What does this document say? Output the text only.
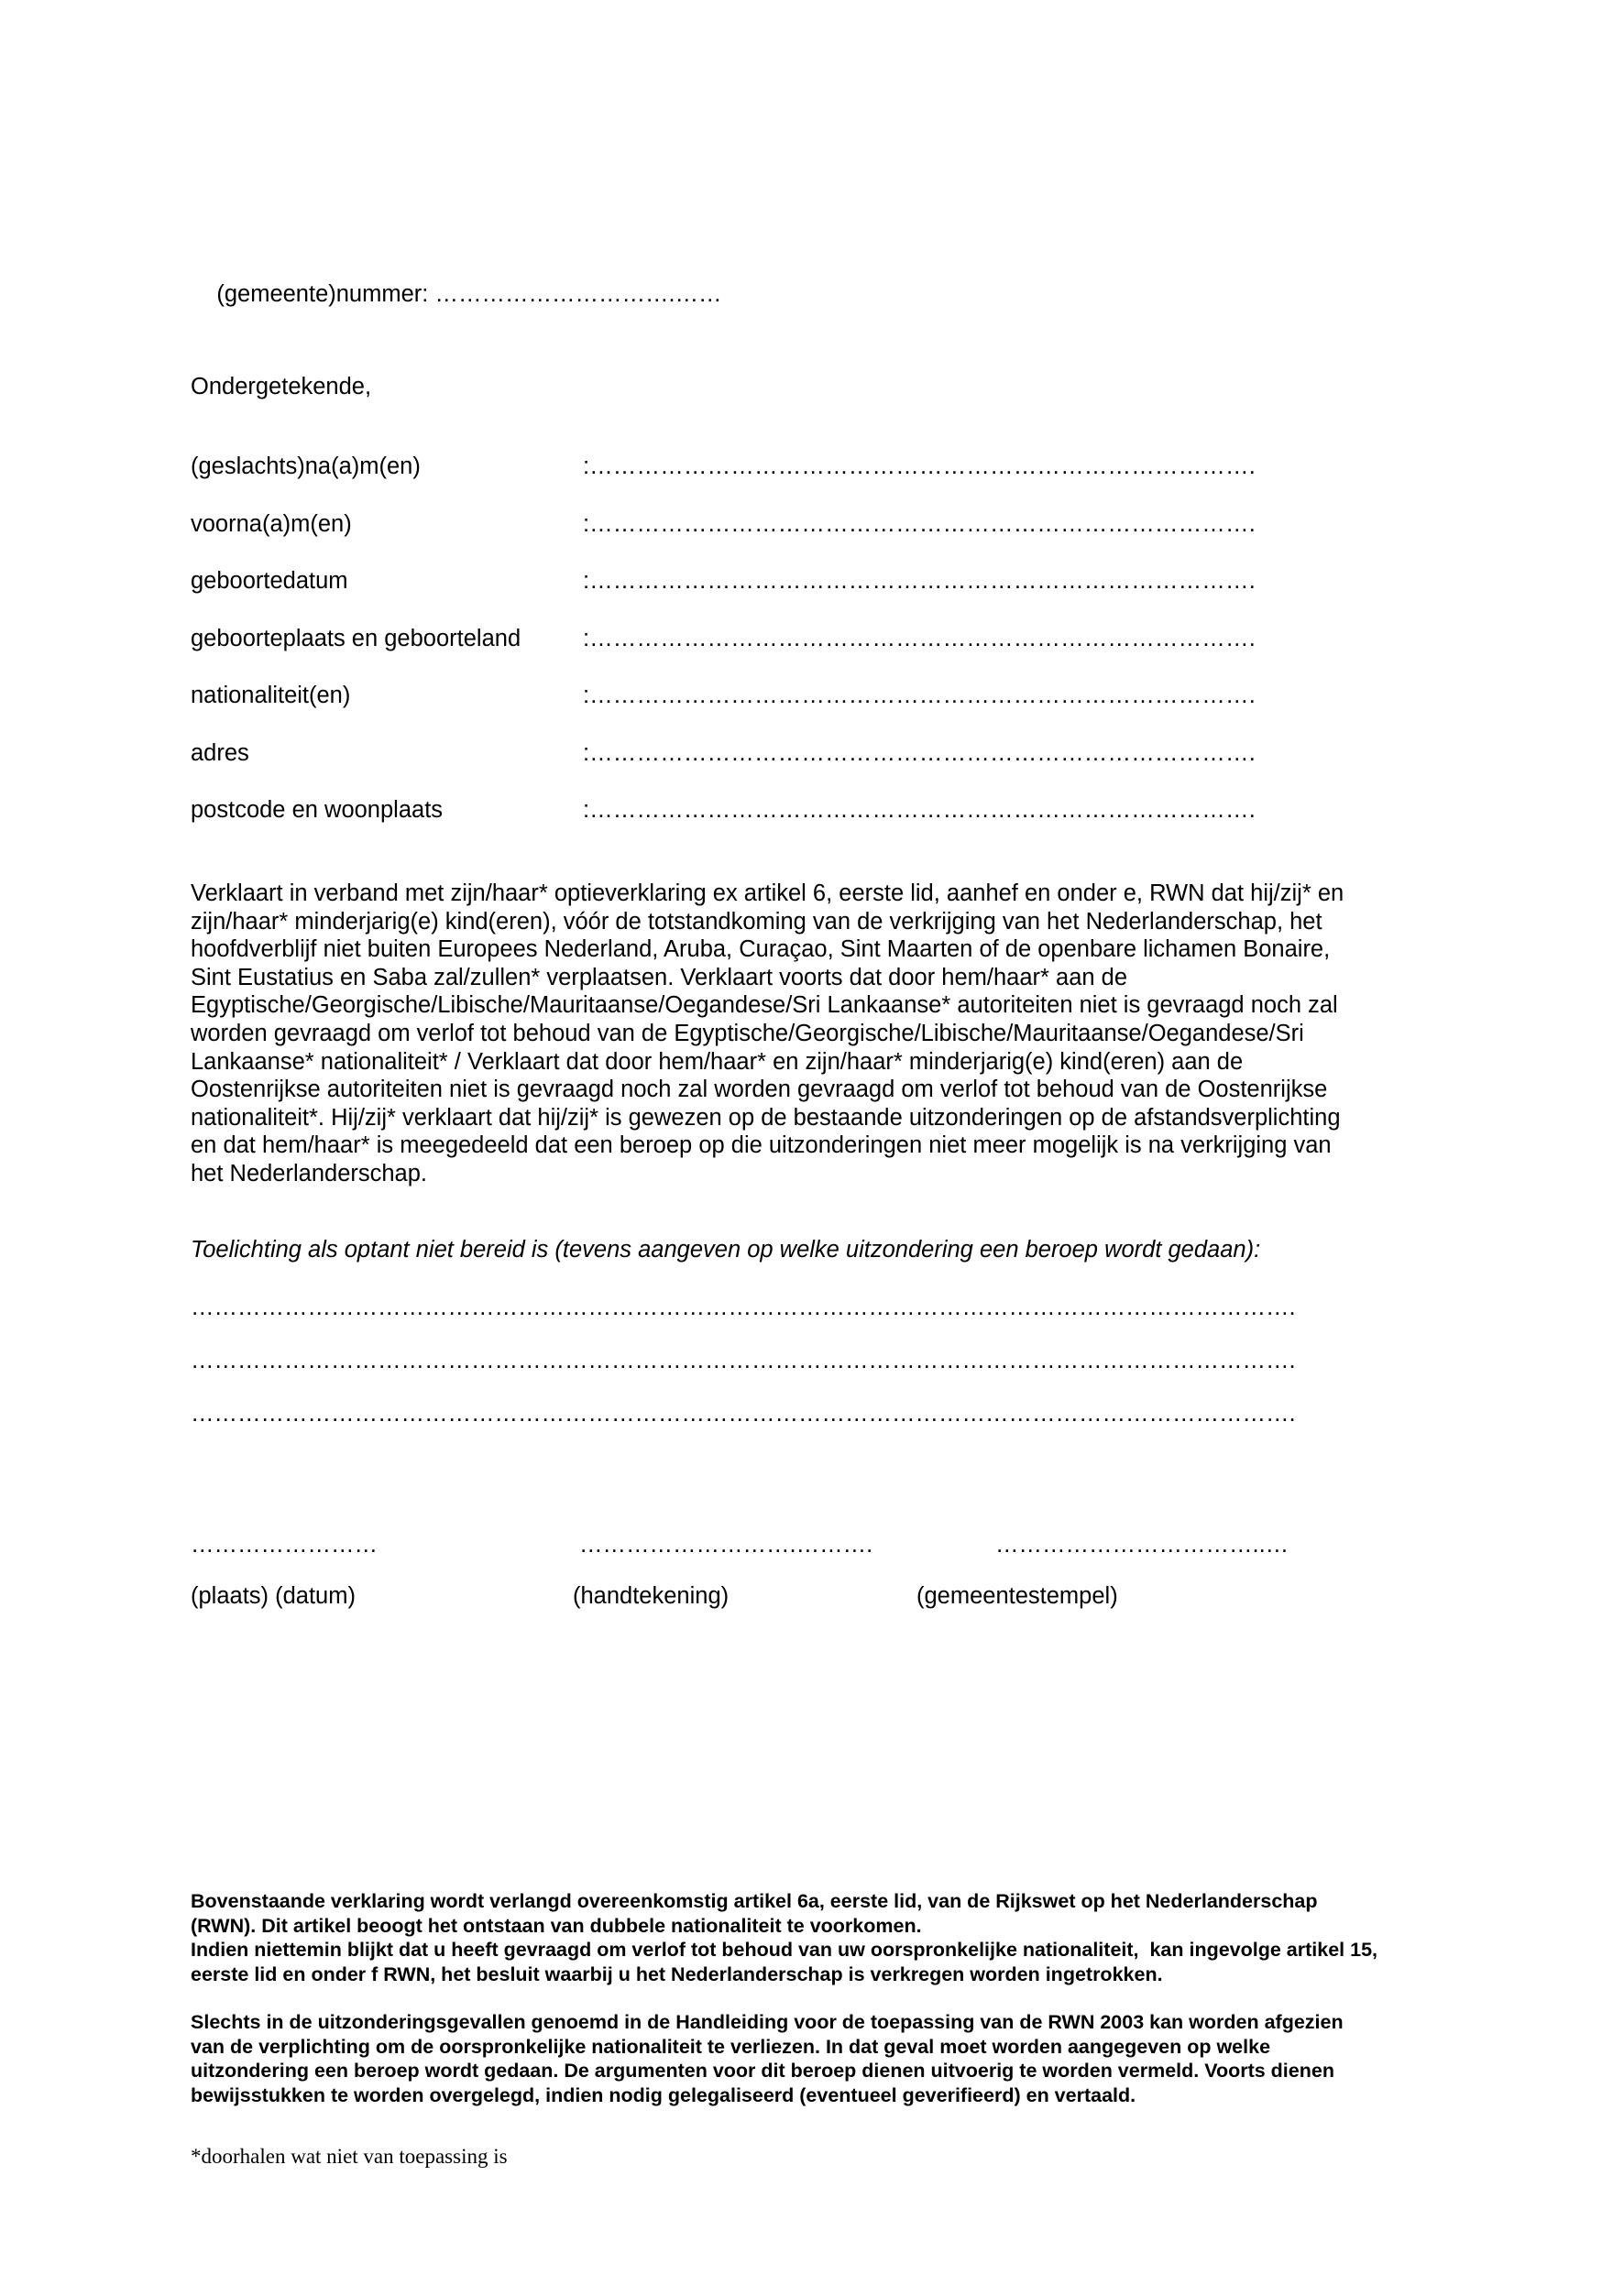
(gemeente)nummer: ………………………….……

Ondergetekende,
(geslachts)na(a)m(en)	: ………………………………………………………………………….
voorna(a)m(en)	: ………………………………………………………………………….
geboortedatum	: ………………………………………………………………………….
geboorteplaats en geboorteland	: ………………………………………………………………………….
nationaliteit(en)	: ………………………………………………………………………….
adres	: ………………………………………………………………………….
postcode en woonplaats	: ………………………………………………………………………….
Verklaart in verband met zijn/haar* optieverklaring ex artikel 6, eerste lid, aanhef en onder e, RWN dat hij/zij* en
zijn/haar* minderjarig(e) kind(eren), vóór de totstandkoming van de verkrijging van het Nederlanderschap, het
hoofdverblijf niet buiten Europees Nederland, Aruba, Curaçao, Sint Maarten of de openbare lichamen Bonaire,
Sint Eustatius en Saba zal/zullen* verplaatsen. Verklaart voorts dat door hem/haar* aan de
Egyptische/Georgische/Libische/Mauritaanse/Oegandese/Sri Lankaanse* autoriteiten niet is gevraagd noch zal
worden gevraagd om verlof tot behoud van de Egyptische/Georgische/Libische/Mauritaanse/Oegandese/Sri
Lankaanse* nationaliteit* / Verklaart dat door hem/haar* en zijn/haar* minderjarig(e) kind(eren) aan de
Oostenrijkse autoriteiten niet is gevraagd noch zal worden gevraagd om verlof tot behoud van de Oostenrijkse
nationaliteit*. Hij/zij* verklaart dat hij/zij* is gewezen op de bestaande uitzonderingen op de afstandsverplichting
en dat hem/haar* is meegedeeld dat een beroep op die uitzonderingen niet meer mogelijk is na verkrijging van
het Nederlanderschap.
Toelichting als optant niet bereid is (tevens aangeven op welke uitzondering een beroep wordt gedaan):
…………………………………………………………………………………………………………………………….
…………………………………………………………………………………………………………………………….
…………………………………………………………………………………………………………………………….
……………………	……………………….……….	……………………………..…
(plaats) (datum)	(handtekening)	(gemeentestempel)
Bovenstaande verklaring wordt verlangd overeenkomstig artikel 6a, eerste lid, van de Rijkswet op het Nederlanderschap
(RWN). Dit artikel beoogt het ontstaan van dubbele nationaliteit te voorkomen.
Indien niettemin blijkt dat u heeft gevraagd om verlof tot behoud van uw oorspronkelijke nationaliteit,  kan ingevolge artikel 15,
eerste lid en onder f RWN, het besluit waarbij u het Nederlanderschap is verkregen worden ingetrokken.
Slechts in de uitzonderingsgevallen genoemd in de Handleiding voor de toepassing van de RWN 2003 kan worden afgezien
van de verplichting om de oorspronkelijke nationaliteit te verliezen. In dat geval moet worden aangegeven op welke
uitzondering een beroep wordt gedaan. De argumenten voor dit beroep dienen uitvoerig te worden vermeld. Voorts dienen
bewijsstukken te worden overgelegd, indien nodig gelegaliseerd (eventueel geverifieerd) en vertaald.
*doorhalen wat niet van toepassing is
